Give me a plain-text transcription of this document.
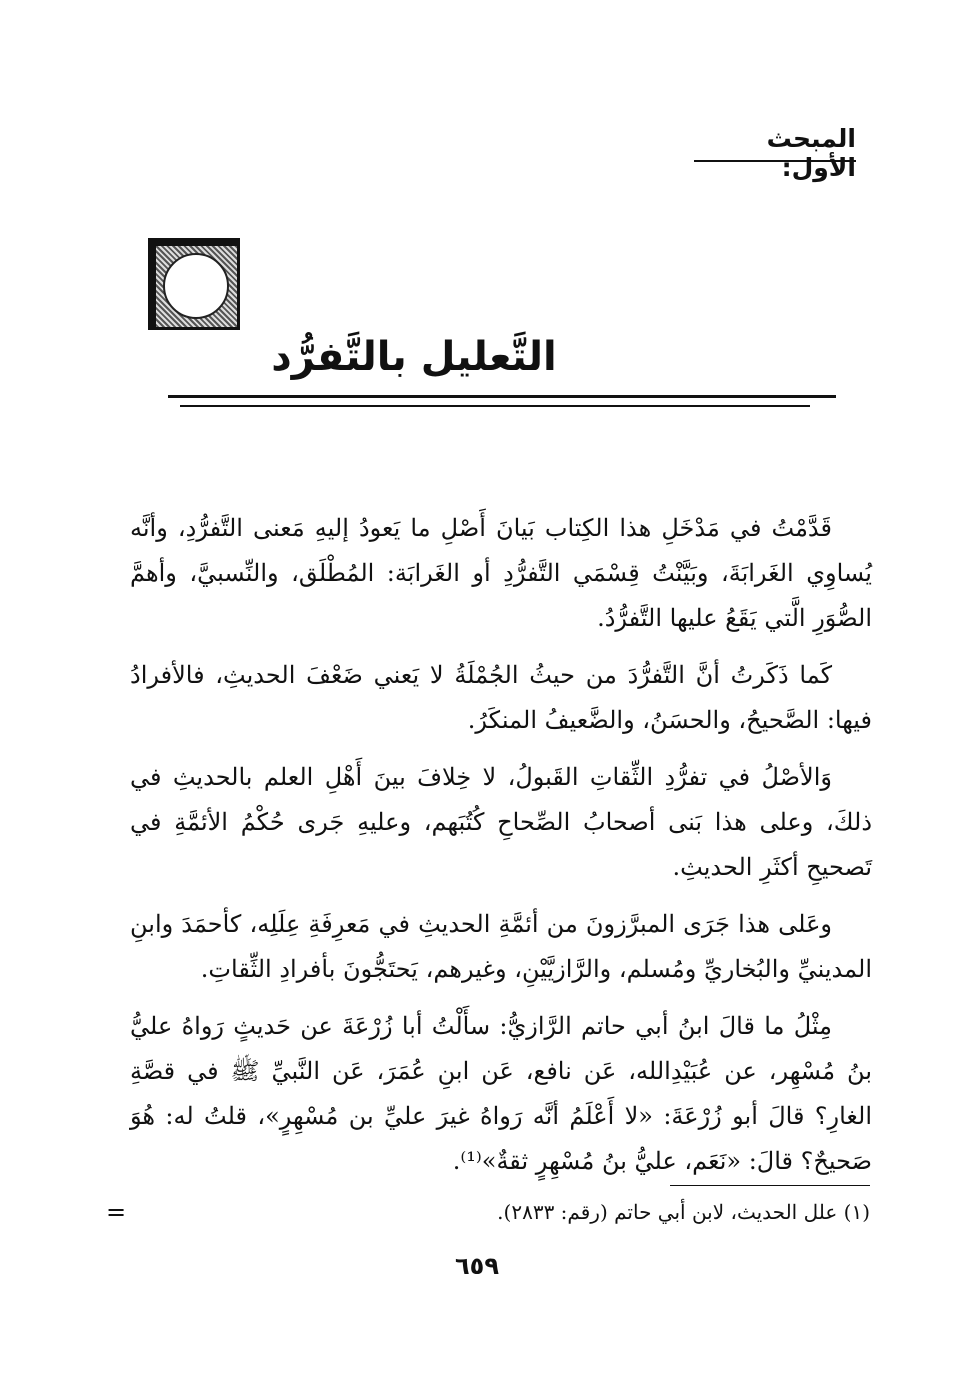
المبحث الأول:
التَّعليل بالتَّفرُّد

قَدَّمْتُ في مَدْخَلِ هذا الكِتاب بَيانَ أَصْلِ ما يَعودُ إليهِ مَعنى التَّفرُّدِ، وأنَّه يُساوِي الغَرابَةَ، وبَيَّنْتُ قِسْمَي التَّفرُّدِ أو الغَرابَة: المُطْلَق، والنِّسبيَّ، وأهمَّ الصُّوَرِ الَّتي يَقَعُ عليها التَّفرُّدُ.

كَما ذَكَرتُ أنَّ التَّفرُّدَ من حيثُ الجُمْلَةُ لا يَعني ضَعْفَ الحديثِ، فالأفرادُ فيها: الصَّحيحُ، والحسَنُ، والضَّعيفُ المنكَرُ.

وَالأصْلُ في تفرُّدِ الثِّقاتِ القَبولُ، لا خِلافَ بينَ أَهْلِ العلم بالحديثِ في ذلكَ، وعلى هذا بَنى أصحابُ الصِّحاحِ كُتُبَهم، وعليهِ جَرى حُكْمُ الأئمَّةِ في تَصحيحِ أكثَرِ الحديثِ.

وعَلى هذا جَرَى المبرَّزونَ من أئمَّةِ الحديثِ في مَعرِفَةِ عِلَلِه، كأحمَدَ وابنِ المدينيِّ والبُخاريِّ ومُسلم، والرَّازيَّيْنِ، وغيرهم، يَحتَجُّونَ بأفرادِ الثِّقاتِ.

مِثْلُ ما قالَ ابنُ أبي حاتم الرَّازيُّ: سأَلْتُ أبا زُرْعَةَ عن حَديثٍ رَواهُ عليُّ بنُ مُسْهِر، عن عُبَيْدِالله، عَن نافع، عَن ابنِ عُمَرَ، عَن النَّبيِّ ﷺ في قصَّةِ الغارِ؟ قالَ أبو زُرْعَةَ: «لا أَعْلَمُ أنَّه رَواهُ غيرَ عليِّ بن مُسْهِرٍ»، قلتُ له: هُوَ صَحيحٌ؟ قالَ: «نَعَم، عليُّ بنُ مُسْهِرٍ ثقةٌ»⁽¹⁾.

(١) علل الحديث، لابن أبي حاتم (رقم: ٢٨٣٣).
=
٦٥٩
